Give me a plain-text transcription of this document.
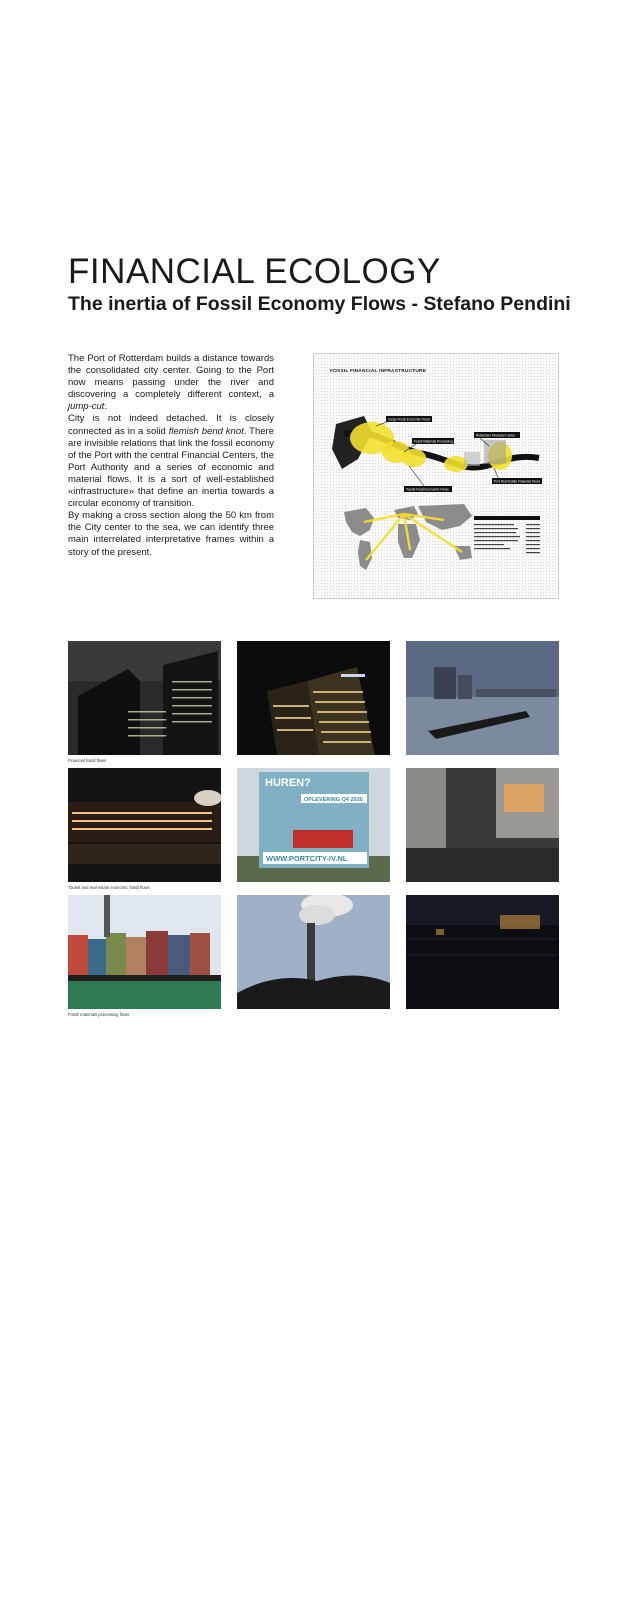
FINANCIAL ECOLOGY
The inertia of Fossil Economy Flows - Stefano Pendini

The Port of Rotterdam builds a distance towards the consolidated city center. Going to the Port now means passing under the river and discovering a completely different context, a jump-cut.

City is not indeed detached. It is closely connected as in a solid flemish bend knot. There are invisible relations that link the fossil economy of the Port with the central Financial Centers, the Port Authority and a series of economic and material flows. It is a sort of well-established «infrastructure» that define an inertia towards a circular economy of transition.

By making a cross section along the 50 km from the City center to the sea, we can identify three main interrelated interpretative frames within a story of the present.

FOSSIL FINANCIAL INFRASTRUCTURE
Cargo Fossil Economic Flows
Fossil Materials Processing
Rotterdam Financial Center
Port Real Estate Financial Flows
Tourist Fossil Economic Flows
Financial fossil flows
Tourist and real estate economic fossil flows
HUREN?
OPLEVERING Q4 2020
WWW.PORTCITY-IV.NL
Fossil materials processing flows
